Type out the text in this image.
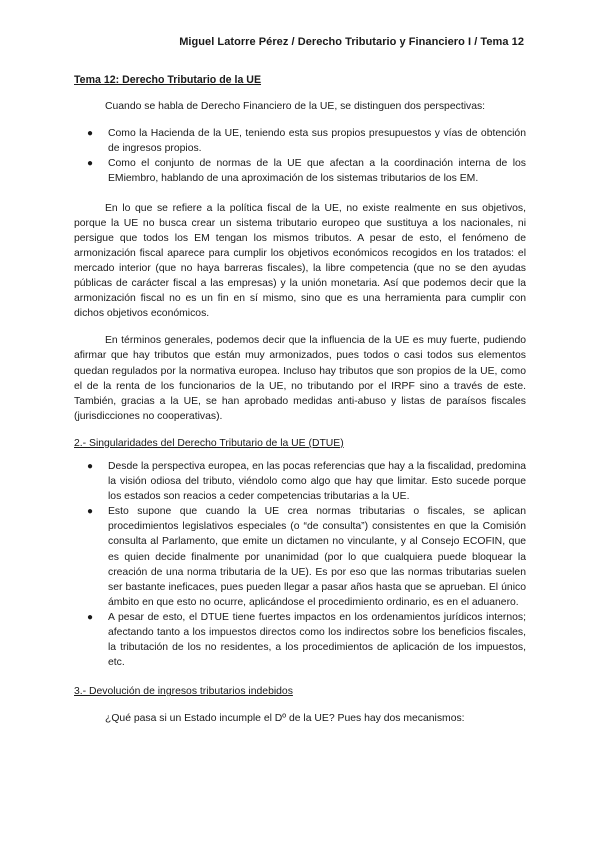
Miguel Latorre Pérez / Derecho Tributario y Financiero I / Tema 12
Tema 12: Derecho Tributario de la UE

Cuando se habla de Derecho Financiero de la UE, se distinguen dos perspectivas:

● Como la Hacienda de la UE, teniendo esta sus propios presupuestos y vías de obtención de ingresos propios.
● Como el conjunto de normas de la UE que afectan a la coordinación interna de los EMiembro, hablando de una aproximación de los sistemas tributarios de los EM.

En lo que se refiere a la política fiscal de la UE, no existe realmente en sus objetivos, porque la UE no busca crear un sistema tributario europeo que sustituya a los nacionales, ni persigue que todos los EM tengan los mismos tributos. A pesar de esto, el fenómeno de armonización fiscal aparece para cumplir los objetivos económicos recogidos en los tratados: el mercado interior (que no haya barreras fiscales), la libre competencia (que no se den ayudas públicas de carácter fiscal a las empresas) y la unión monetaria. Así que podemos decir que la armonización fiscal no es un fin en sí mismo, sino que es una herramienta para cumplir con dichos objetivos económicos.

En términos generales, podemos decir que la influencia de la UE es muy fuerte, pudiendo afirmar que hay tributos que están muy armonizados, pues todos o casi todos sus elementos quedan regulados por la normativa europea. Incluso hay tributos que son propios de la UE, como el de la renta de los funcionarios de la UE, no tributando por el IRPF sino a través de este. También, gracias a la UE, se han aprobado medidas anti-abuso y listas de paraísos fiscales (jurisdicciones no cooperativas).

2.- Singularidades del Derecho Tributario de la UE (DTUE)
● Desde la perspectiva europea, en las pocas referencias que hay a la fiscalidad, predomina la visión odiosa del tributo, viéndolo como algo que hay que limitar. Esto sucede porque los estados son reacios a ceder competencias tributarias a la UE.
● Esto supone que cuando la UE crea normas tributarias o fiscales, se aplican procedimientos legislativos especiales (o “de consulta”) consistentes en que la Comisión consulta al Parlamento, que emite un dictamen no vinculante, y al Consejo ECOFIN, que es quien decide finalmente por unanimidad (por lo que cualquiera puede bloquear la creación de una norma tributaria de la UE). Es por eso que las normas tributarias suelen ser bastante ineficaces, pues pueden llegar a pasar años hasta que se aprueban. El único ámbito en que esto no ocurre, aplicándose el procedimiento ordinario, es en el aduanero.
● A pesar de esto, el DTUE tiene fuertes impactos en los ordenamientos jurídicos internos; afectando tanto a los impuestos directos como los indirectos sobre los beneficios fiscales, la tributación de los no residentes, a los procedimientos de aplicación de los impuestos, etc.
3.- Devolución de ingresos tributarios indebidos

¿Qué pasa si un Estado incumple el Dº de la UE? Pues hay dos mecanismos:
